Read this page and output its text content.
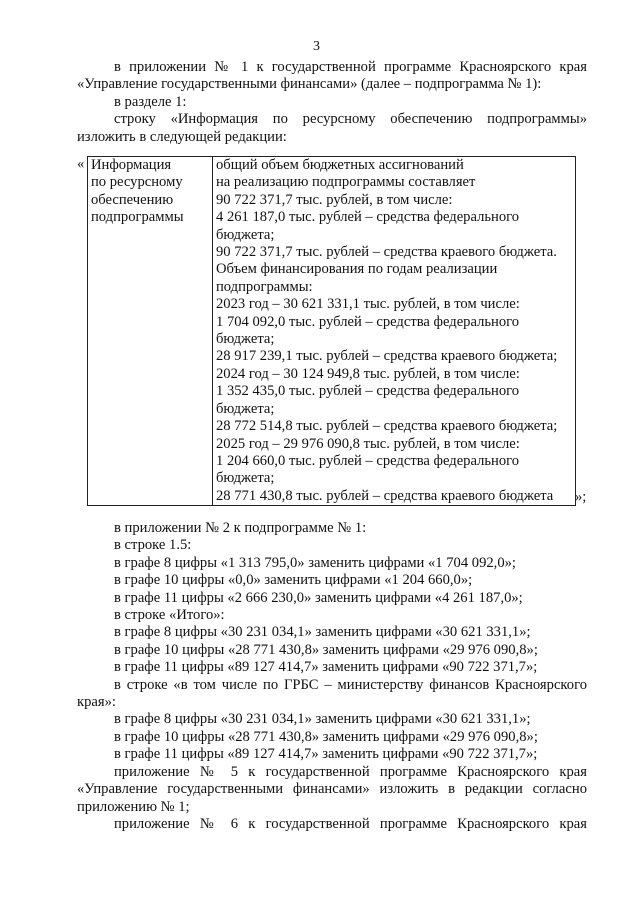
3

в приложении № 1 к государственной программе Красноярского края «Управление государственными финансами» (далее – подпрограмма № 1):

в разделе 1:

строку «Информация по ресурсному обеспечению подпрограммы» изложить в следующей редакции:

« Информация
по ресурсному
обеспечению
подпрограммы
общий объем бюджетных ассигнований
на реализацию подпрограммы составляет
90 722 371,7 тыс. рублей, в том числе:
4 261 187,0 тыс. рублей – средства федерального
бюджета;
90 722 371,7 тыс. рублей – средства краевого бюджета.
Объем финансирования по годам реализации
подпрограммы:
2023 год – 30 621 331,1 тыс. рублей, в том числе:
1 704 092,0 тыс. рублей – средства федерального
бюджета;
28 917 239,1 тыс. рублей – средства краевого бюджета;
2024 год – 30 124 949,8 тыс. рублей, в том числе:
1 352 435,0 тыс. рублей – средства федерального
бюджета;
28 772 514,8 тыс. рублей – средства краевого бюджета;
2025 год – 29 976 090,8 тыс. рублей, в том числе:
1 204 660,0 тыс. рублей – средства федерального
бюджета;
28 771 430,8 тыс. рублей – средства краевого бюджета	»;

в приложении № 2 к подпрограмме № 1:

в строке 1.5:

в графе 8 цифры «1 313 795,0» заменить цифрами «1 704 092,0»;

в графе 10 цифры «0,0» заменить цифрами «1 204 660,0»;

в графе 11 цифры «2 666 230,0» заменить цифрами «4 261 187,0»;

в строке «Итого»:

в графе 8 цифры «30 231 034,1» заменить цифрами «30 621 331,1»;

в графе 10 цифры «28 771 430,8» заменить цифрами «29 976 090,8»;

в графе 11 цифры «89 127 414,7» заменить цифрами «90 722 371,7»;

в строке «в том числе по ГРБС – министерству финансов Красноярского края»:

в графе 8 цифры «30 231 034,1» заменить цифрами «30 621 331,1»;

в графе 10 цифры «28 771 430,8» заменить цифрами «29 976 090,8»;

в графе 11 цифры «89 127 414,7» заменить цифрами «90 722 371,7»;

приложение № 5 к государственной программе Красноярского края «Управление государственными финансами» изложить в редакции согласно приложению № 1;

приложение № 6 к государственной программе Красноярского края
